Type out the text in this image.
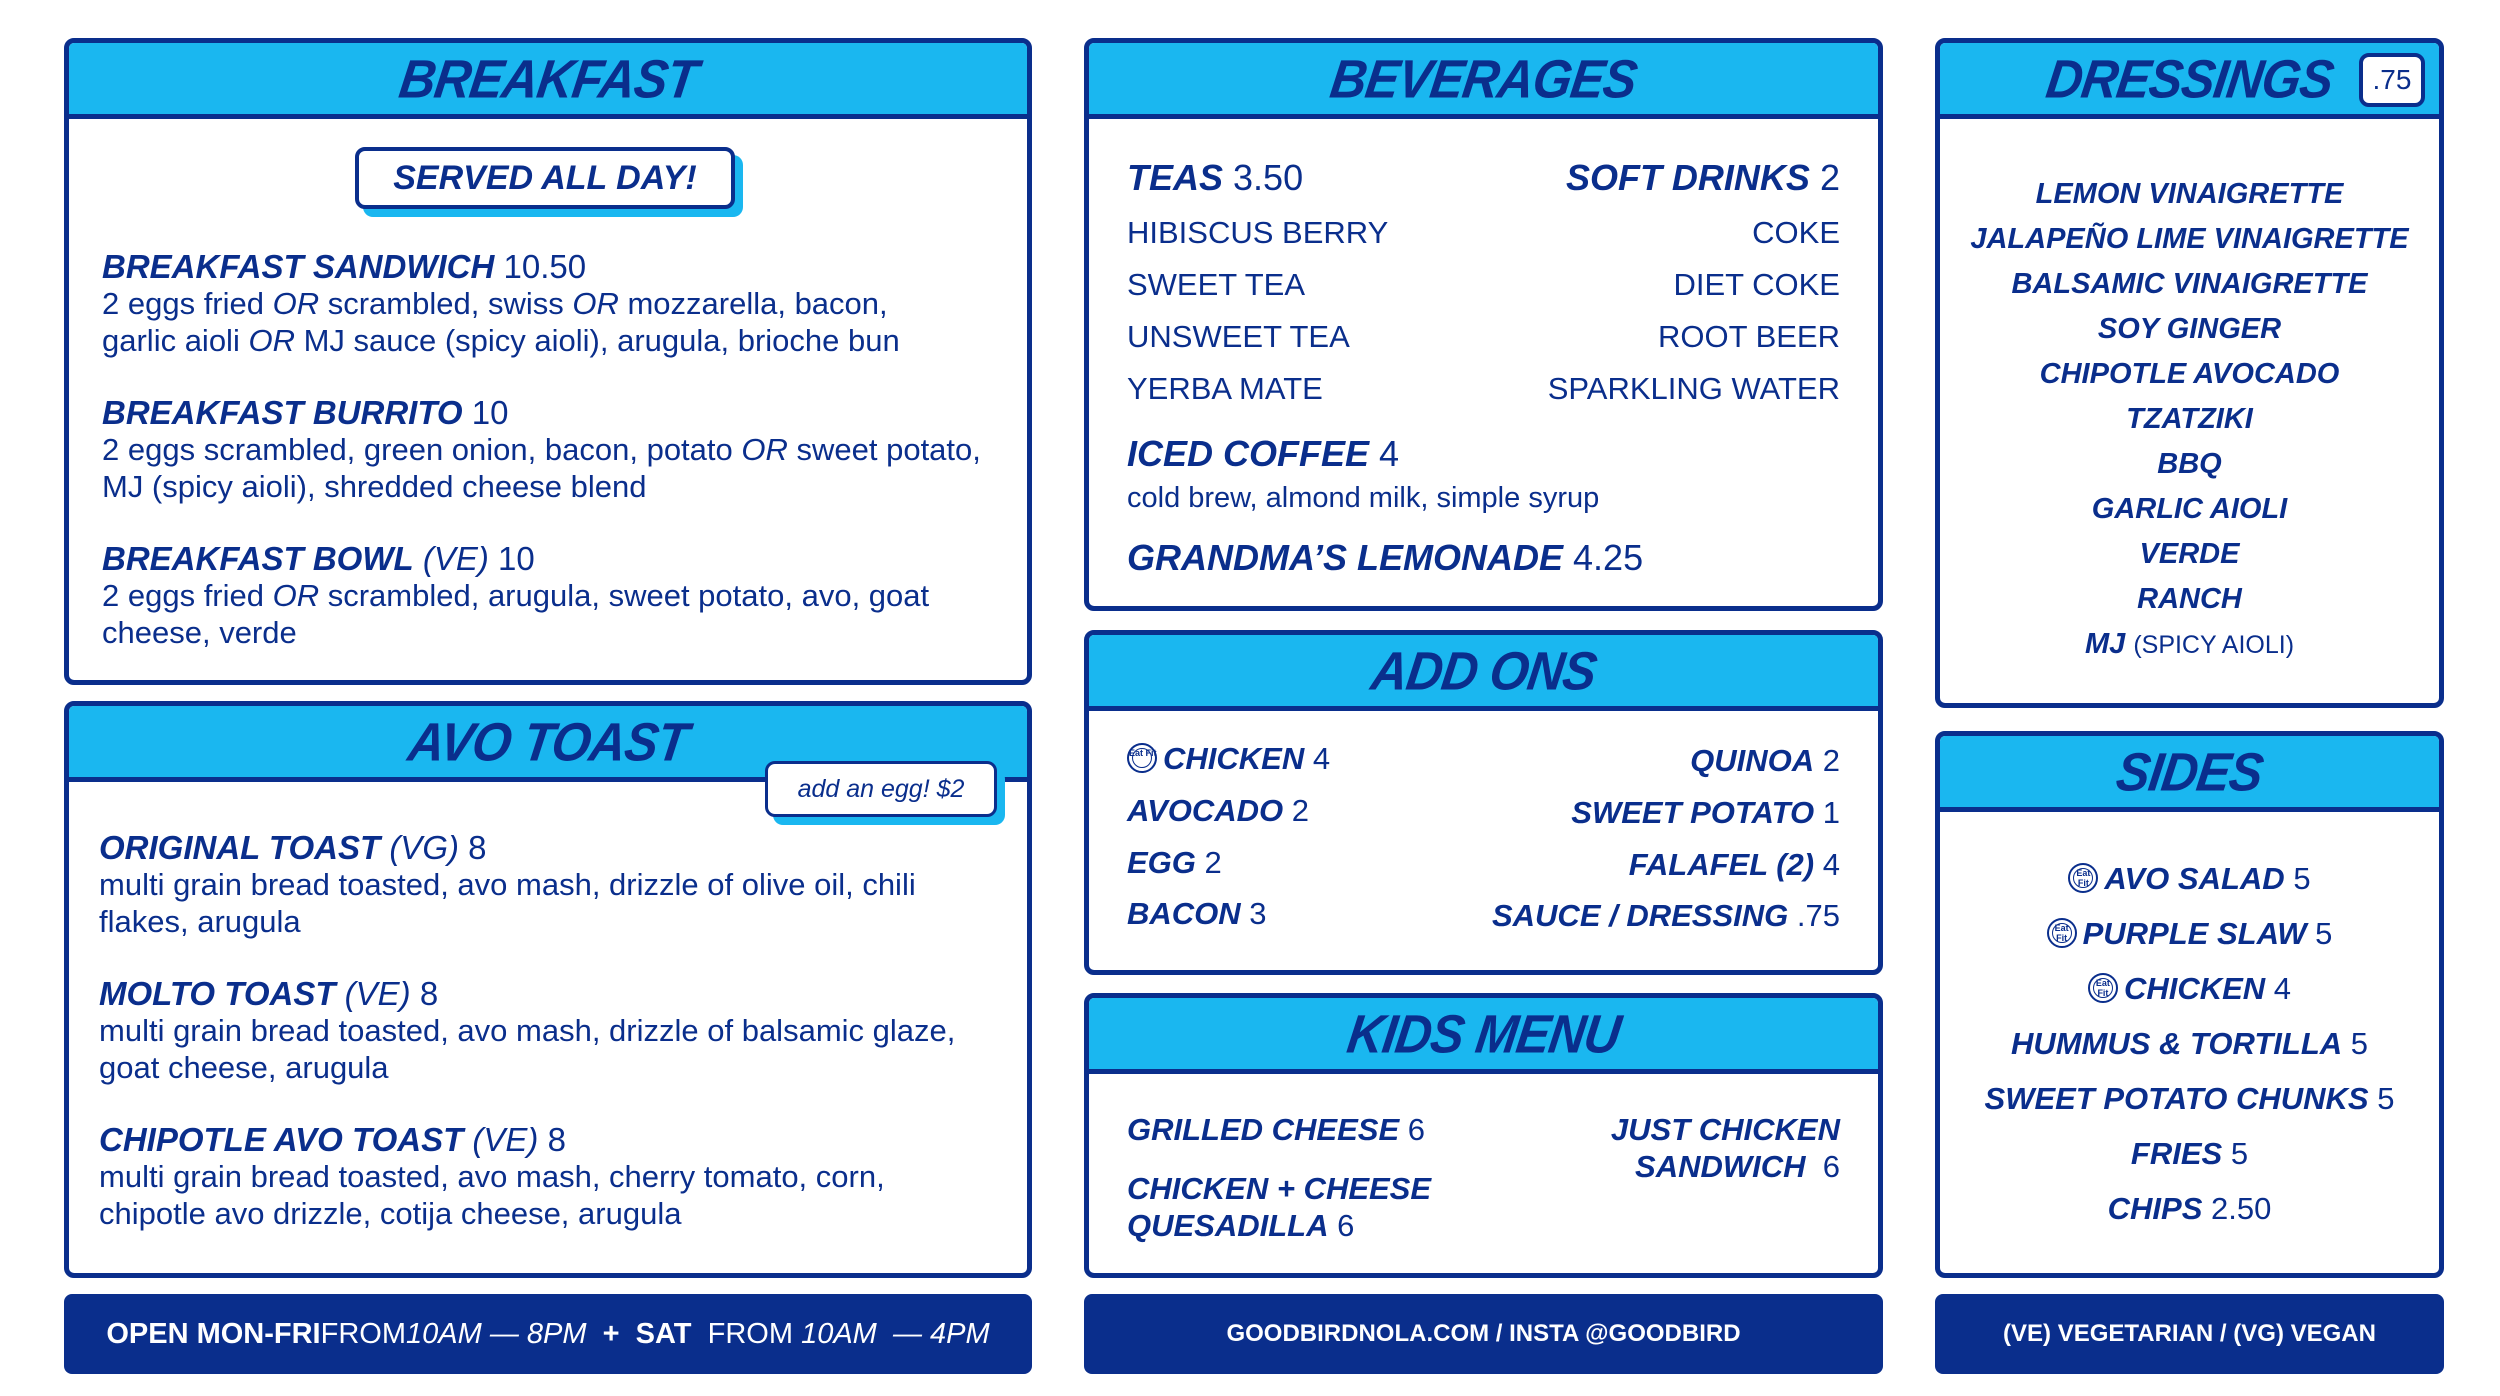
BREAKFAST
SERVED ALL DAY!
BREAKFAST SANDWICH 10.50
2 eggs fried OR scrambled, swiss OR mozzarella, bacon,
garlic aioli OR MJ sauce (spicy aioli), arugula, brioche bun
BREAKFAST BURRITO 10
2 eggs scrambled, green onion, bacon, potato OR sweet potato,
MJ (spicy aioli), shredded cheese blend
BREAKFAST BOWL (VE) 10
2 eggs fried OR scrambled, arugula, sweet potato, avo, goat
cheese, verde
AVO TOAST
add an egg! $2
ORIGINAL TOAST (VG) 8
multi grain bread toasted, avo mash, drizzle of olive oil, chili
flakes, arugula
MOLTO TOAST (VE) 8
multi grain bread toasted, avo mash, drizzle of balsamic glaze,
goat cheese, arugula
CHIPOTLE AVO TOAST (VE) 8
multi grain bread toasted, avo mash, cherry tomato, corn,
chipotle avo drizzle, cotija cheese, arugula
BEVERAGES
TEAS 3.50
HIBISCUS BERRY
SWEET TEA
UNSWEET TEA
YERBA MATE
SOFT DRINKS 2
COKE
DIET COKE
ROOT BEER
SPARKLING WATER
ICED COFFEE 4
cold brew, almond milk, simple syrup
GRANDMA’S LEMONADE 4.25
ADD ONS
Eat Fit CHICKEN 4
AVOCADO 2
EGG 2
BACON 3
QUINOA 2
SWEET POTATO 1
FALAFEL (2) 4
SAUCE / DRESSING .75
KIDS MENU
GRILLED CHEESE 6
CHICKEN + CHEESE
QUESADILLA 6
JUST CHICKEN
SANDWICH 6
DRESSINGS .75
LEMON VINAIGRETTE
JALAPEÑO LIME VINAIGRETTE
BALSAMIC VINAIGRETTE
SOY GINGER
CHIPOTLE AVOCADO
TZATZIKI
BBQ
GARLIC AIOLI
VERDE
RANCH
MJ (SPICY AIOLI)
SIDES
Eat Fit AVO SALAD 5
Eat Fit PURPLE SLAW 5
Eat Fit CHICKEN 4
HUMMUS & TORTILLA 5
SWEET POTATO CHUNKS 5
FRIES 5
CHIPS 2.50
OPEN MON-FRI FROM 10AM — 8PM + SAT FROM 10AM  — 4PM	GOODBIRDNOLA.COM / INSTA @GOODBIRD	(VE) VEGETARIAN / (VG) VEGAN
